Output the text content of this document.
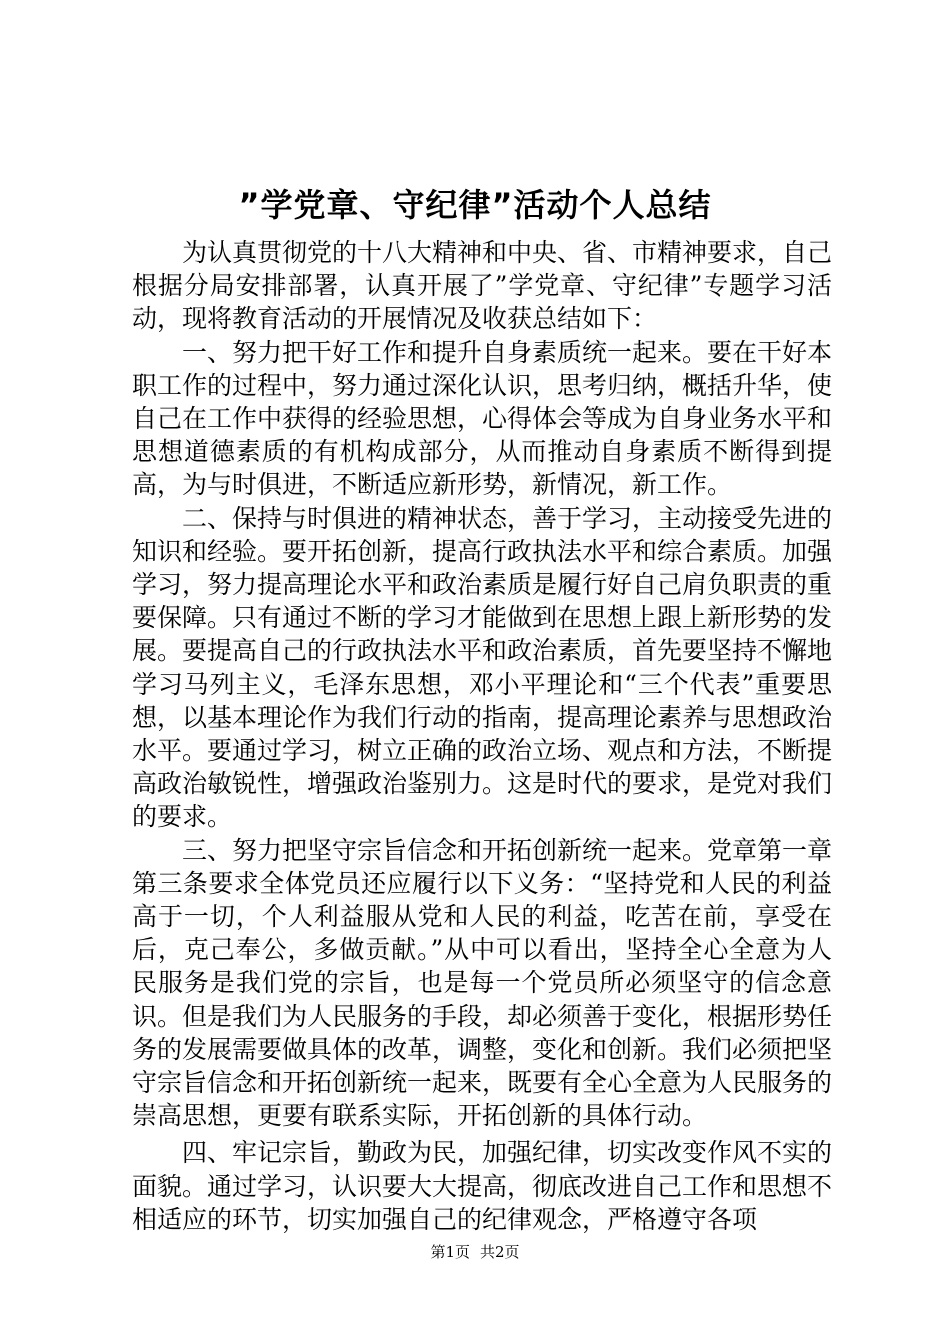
”学党章、守纪律”活动个人总结

为认真贯彻党的十八大精神和中央、省、市精神要求，自己根据分局安排部署，认真开展了”学党章、守纪律”专题学习活动，现将教育活动的开展情况及收获总结如下：

一、努力把干好工作和提升自身素质统一起来。要在干好本职工作的过程中，努力通过深化认识，思考归纳，概括升华，使自己在工作中获得的经验思想，心得体会等成为自身业务水平和思想道德素质的有机构成部分，从而推动自身素质不断得到提高，为与时俱进，不断适应新形势，新情况，新工作。

二、保持与时俱进的精神状态，善于学习，主动接受先进的知识和经验。要开拓创新，提高行政执法水平和综合素质。加强学习，努力提高理论水平和政治素质是履行好自己肩负职责的重要保障。只有通过不断的学习才能做到在思想上跟上新形势的发展。要提高自己的行政执法水平和政治素质，首先要坚持不懈地学习马列主义，毛泽东思想，邓小平理论和“三个代表”重要思想，以基本理论作为我们行动的指南，提高理论素养与思想政治水平。要通过学习，树立正确的政治立场、观点和方法，不断提高政治敏锐性，增强政治鉴别力。这是时代的要求，是党对我们的要求。

三、努力把坚守宗旨信念和开拓创新统一起来。党章第一章第三条要求全体党员还应履行以下义务：“坚持党和人民的利益高于一切，个人利益服从党和人民的利益，吃苦在前，享受在后，克己奉公，多做贡献。”从中可以看出，坚持全心全意为人民服务是我们党的宗旨，也是每一个党员所必须坚守的信念意识。但是我们为人民服务的手段，却必须善于变化，根据形势任务的发展需要做具体的改革，调整，变化和创新。我们必须把坚守宗旨信念和开拓创新统一起来，既要有全心全意为人民服务的崇高思想，更要有联系实际，开拓创新的具体行动。

四、牢记宗旨，勤政为民，加强纪律，切实改变作风不实的面貌。通过学习，认识要大大提高，彻底改进自己工作和思想不相适应的环节，切实加强自己的纪律观念，严格遵守各项

第1页 共2页
